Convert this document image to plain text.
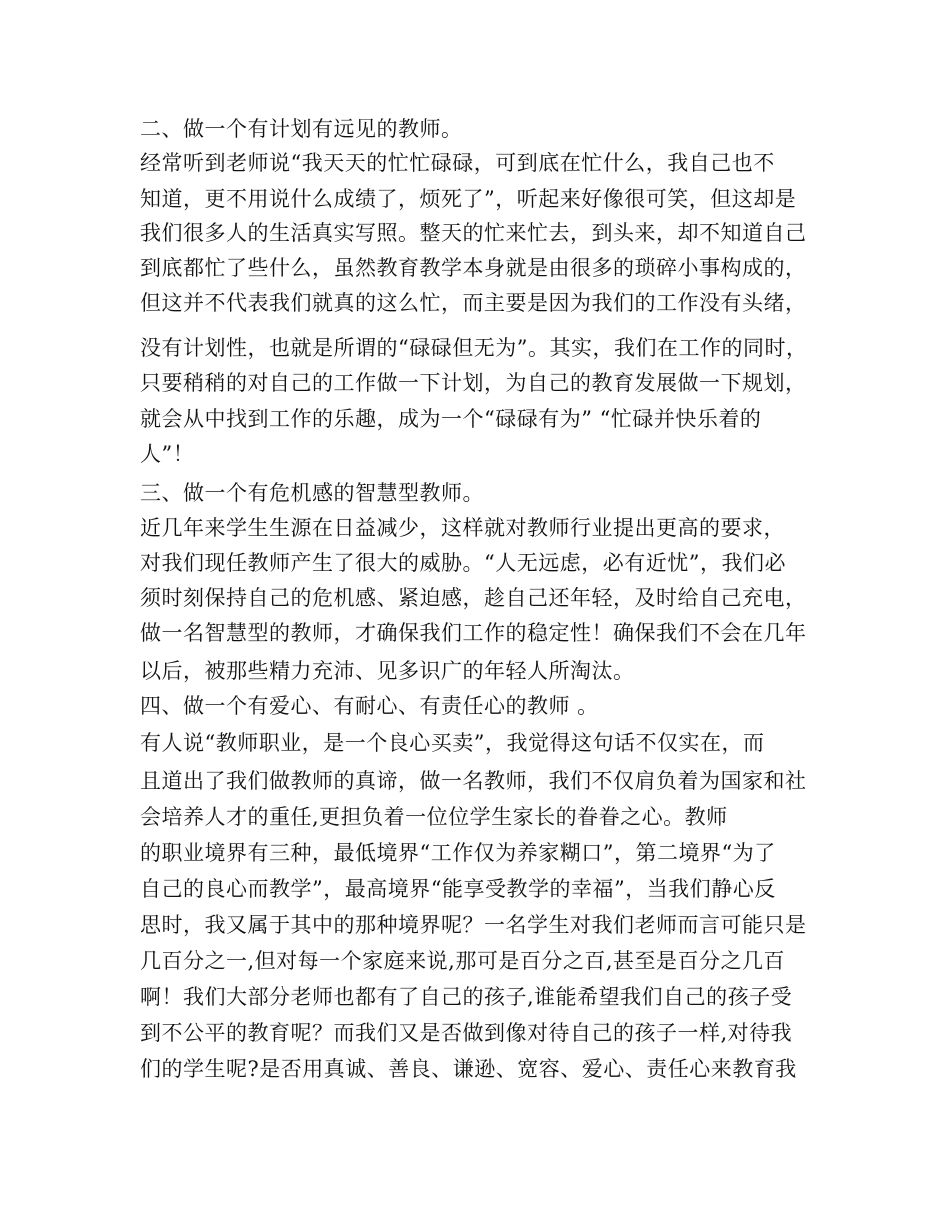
二、做一个有计划有远见的教师。
经常听到老师说“我天天的忙忙碌碌，可到底在忙什么，我自己也不
知道，更不用说什么成绩了，烦死了”，听起来好像很可笑，但这却是
我们很多人的生活真实写照。整天的忙来忙去，到头来，却不知道自己
到底都忙了些什么，虽然教育教学本身就是由很多的琐碎小事构成的，
但这并不代表我们就真的这么忙，而主要是因为我们的工作没有头绪，
没有计划性，也就是所谓的“碌碌但无为”。其实，我们在工作的同时，
只要稍稍的对自己的工作做一下计划，为自己的教育发展做一下规划，
就会从中找到工作的乐趣，成为一个“碌碌有为” “忙碌并快乐着的
人”！
三、做一个有危机感的智慧型教师。
近几年来学生生源在日益减少，这样就对教师行业提出更高的要求，
对我们现任教师产生了很大的威胁。“人无远虑，必有近忧”，我们必
须时刻保持自己的危机感、紧迫感，趁自己还年轻，及时给自己充电，
做一名智慧型的教师，才确保我们工作的稳定性！确保我们不会在几年
以后，被那些精力充沛、见多识广的年轻人所淘汰。
四、做一个有爱心、有耐心、有责任心的教师 。
有人说“教师职业，是一个良心买卖”，我觉得这句话不仅实在，而
且道出了我们做教师的真谛，做一名教师，我们不仅肩负着为国家和社
会培养人才的重任,更担负着一位位学生家长的眷眷之心。教师
的职业境界有三种，最低境界“工作仅为养家糊口”，第二境界“为了
自己的良心而教学”，最高境界“能享受教学的幸福”，当我们静心反
思时，我又属于其中的那种境界呢？一名学生对我们老师而言可能只是
几百分之一,但对每一个家庭来说,那可是百分之百,甚至是百分之几百
啊！我们大部分老师也都有了自己的孩子,谁能希望我们自己的孩子受
到不公平的教育呢？而我们又是否做到像对待自己的孩子一样,对待我
们的学生呢?是否用真诚、善良、谦逊、宽容、爱心、责任心来教育我
